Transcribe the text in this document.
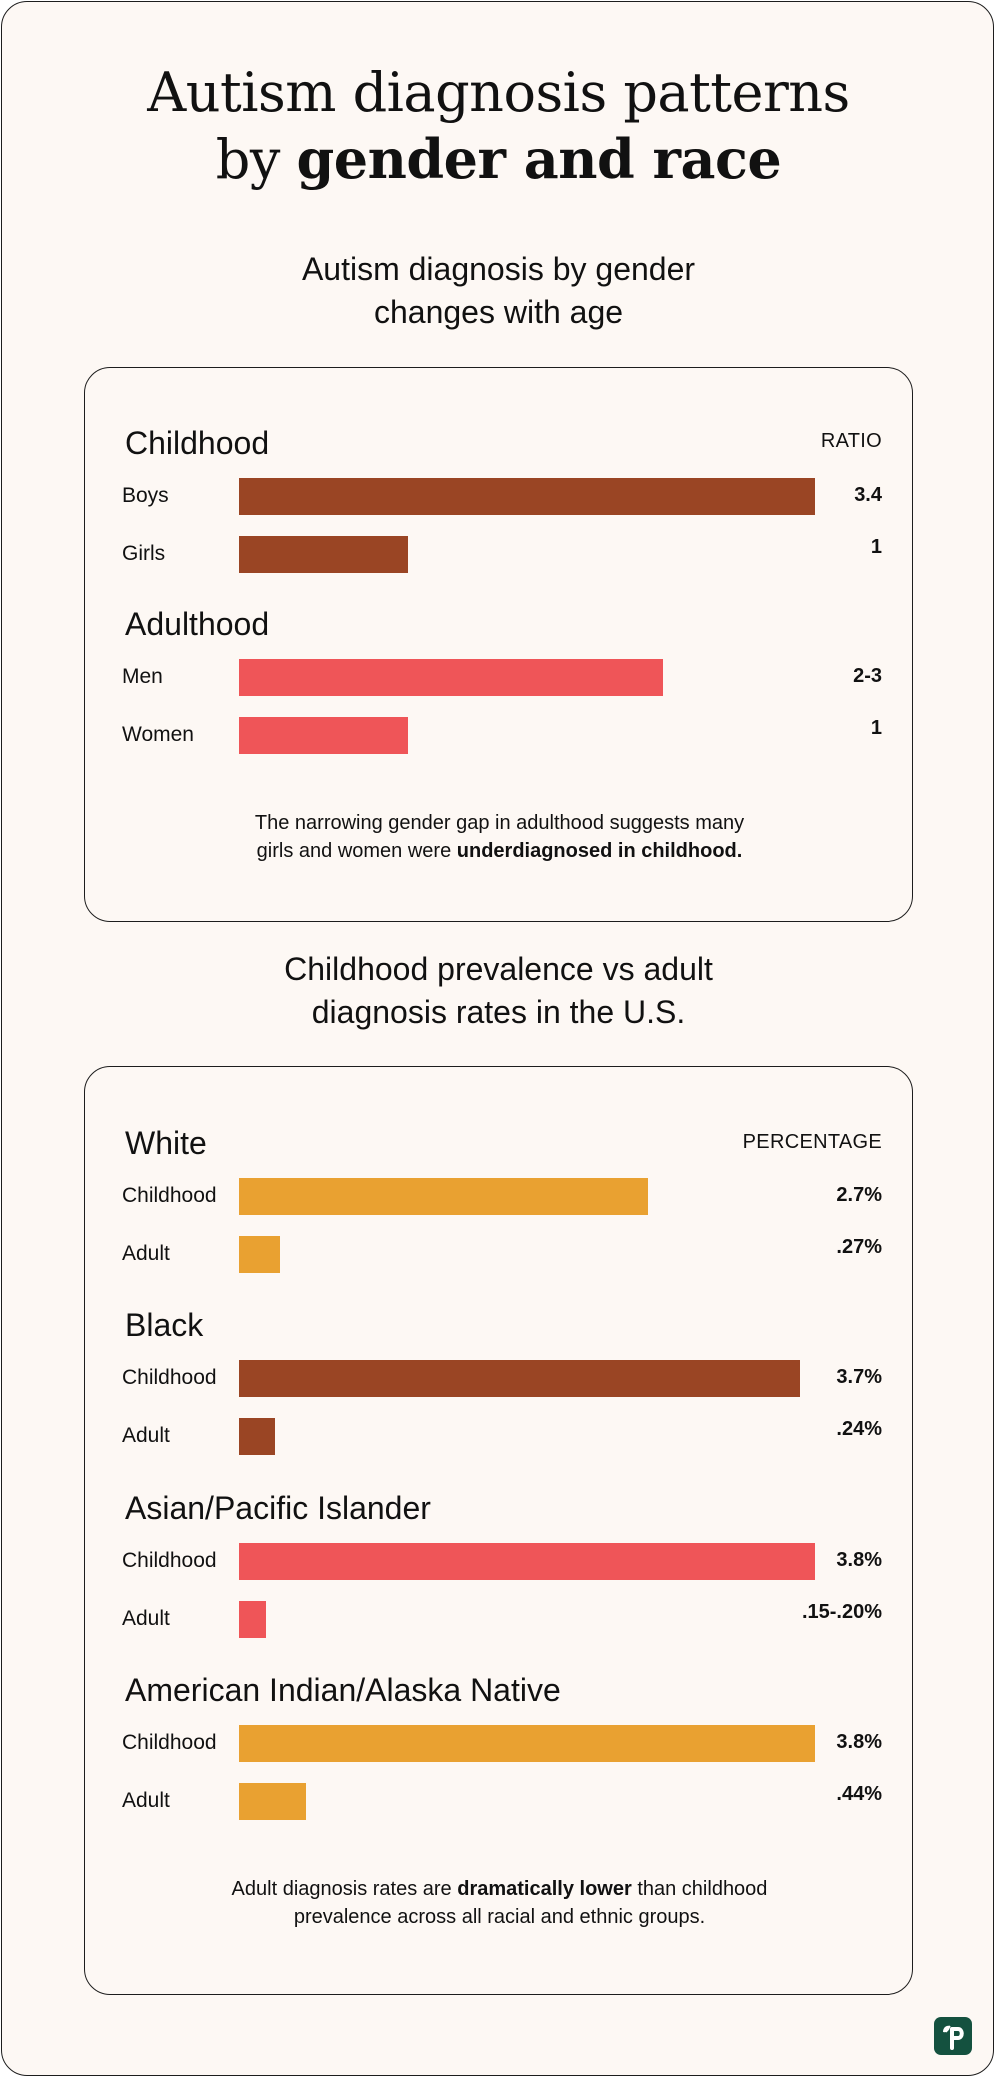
Autism diagnosis patterns
by gender and race
Autism diagnosis by gender
changes with age
RATIO
The narrowing gender gap in adulthood suggests many
girls and women were underdiagnosed in childhood.
Childhood
Boys	3.4
Girls	1
Adulthood
Men	2-3
Women	1
Childhood prevalence vs adult
diagnosis rates in the U.S.
PERCENTAGE
Adult diagnosis rates are dramatically lower than childhood
prevalence across all racial and ethnic groups.
White
Childhood	2.7%
Adult	.27%
Black
Childhood	3.7%
Adult	.24%
Asian/Pacific Islander
Childhood	3.8%
Adult	.15-.20%
American Indian/Alaska Native
Childhood	3.8%
Adult	.44%
